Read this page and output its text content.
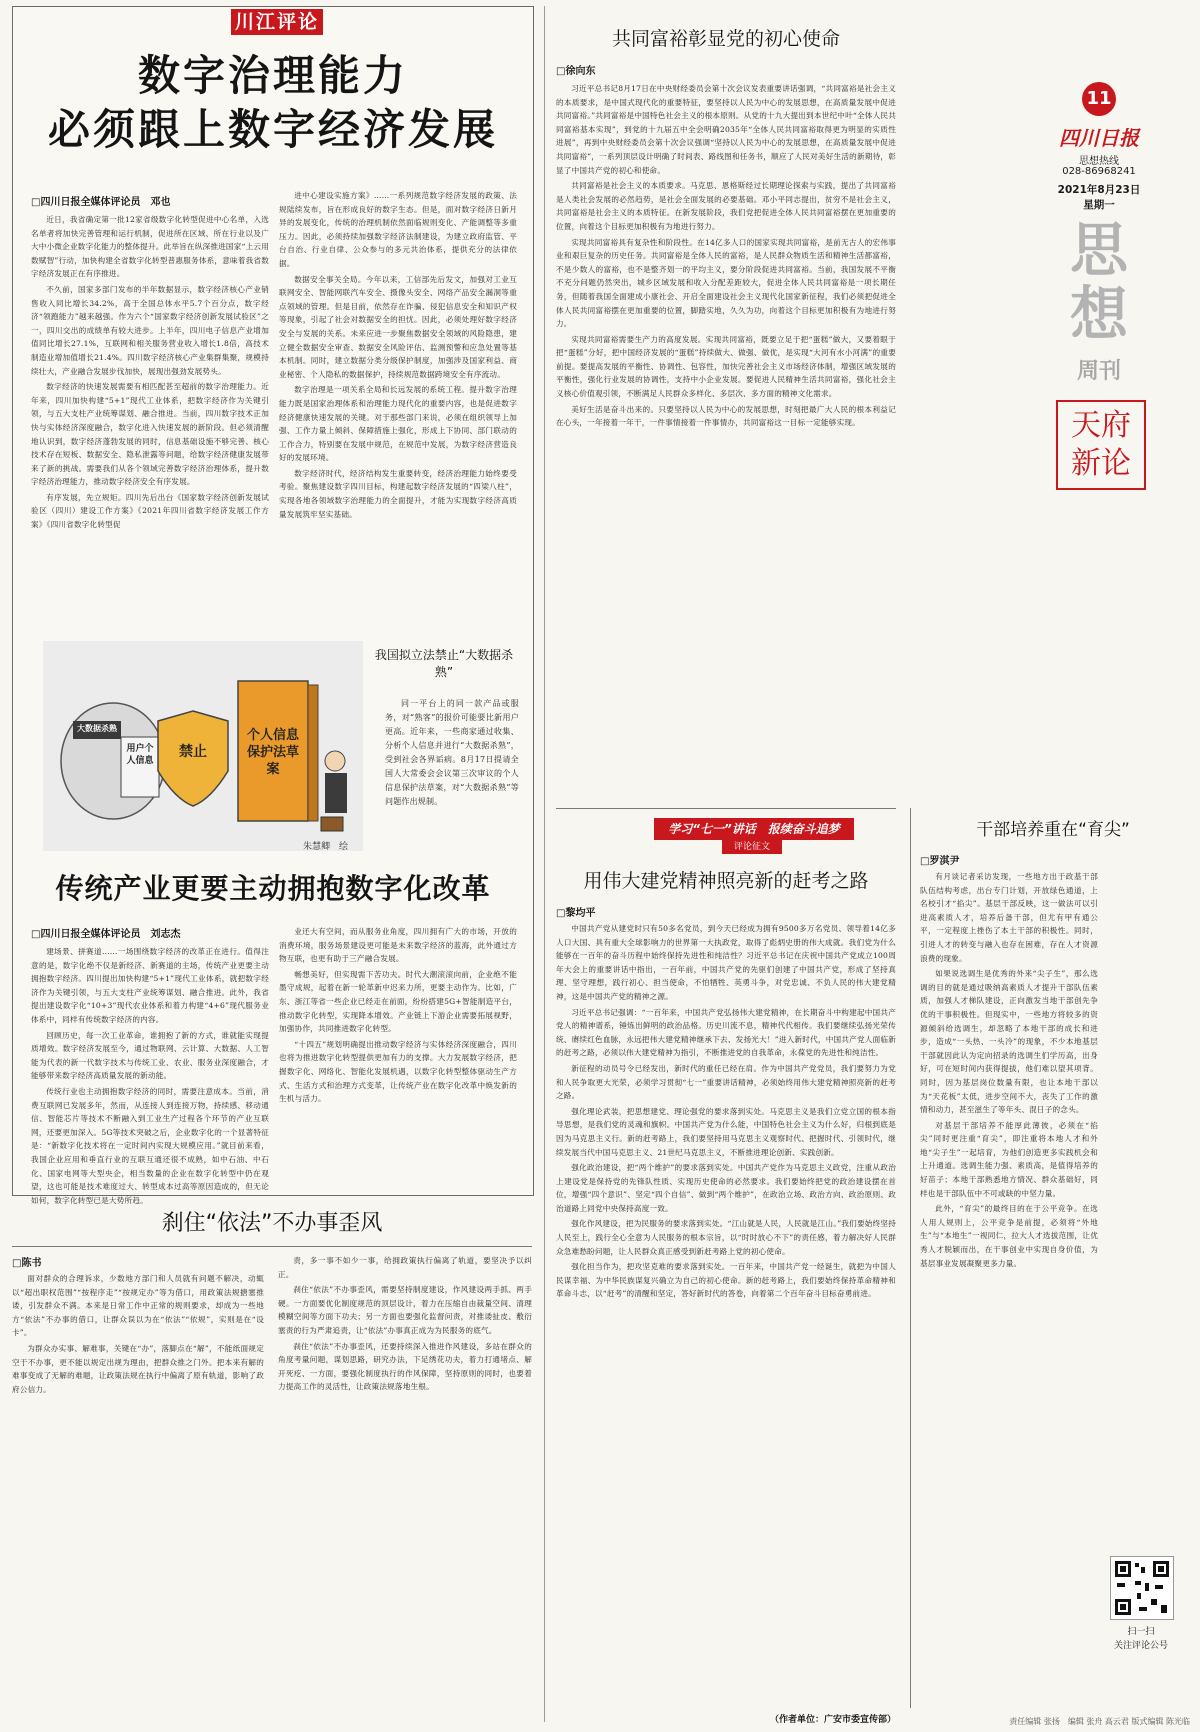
川江评论
数字治理能力
必须跟上数字经济发展
□四川日报全媒体评论员　邓也

近日，我省确定第一批12家省级数字化转型促进中心名单，入选名单者将加快完善管理和运行机制，促进所在区域、所在行业以及广大中小微企业数字化能力的整体提升。此举旨在纵深推进国家“上云用数赋智”行动，加快构建全省数字化转型普惠服务体系，意味着我省数字经济发展正在有序推进。

不久前，国家多部门发布的半年数据显示，数字经济核心产业销售收入同比增长34.2%，高于全国总体水平5.7个百分点，数字经济“领跑能力”越来越强。作为六个“国家数字经济创新发展试验区”之一，四川交出的成绩单有较大进步。上半年，四川电子信息产业增加值同比增长27.1%，互联网和相关服务营业收入增长1.8倍，高技术制造业增加值增长21.4%。四川数字经济核心产业集群集聚，规模持续壮大，产业融合发展步伐加快，展现出强劲发展势头。

数字经济的快速发展需要有相匹配甚至超前的数字治理能力。近年来，四川加快构建“5+1”现代工业体系，把数字经济作为关键引领，与五大支柱产业统筹谋划、融合推进。当前，四川数字技术正加快与实体经济深度融合，数字化进入快速发展的新阶段。但必须清醒地认识到，数字经济蓬勃发展的同时，信息基础设施不够完善、核心技术存在短板、数据安全、隐私泄露等问题，给数字经济健康发展带来了新的挑战。需要我们从各个领域完善数字经济治理体系，提升数字经济治理能力，推动数字经济安全有序发展。

有序发展，先立规矩。四川先后出台《国家数字经济创新发展试验区（四川）建设工作方案》《2021年四川省数字经济发展工作方案》《四川省数字化转型促

进中心建设实施方案》……一系列规范数字经济发展的政策、法规陆续发布，旨在形成良好的数字生态。但是，面对数字经济日新月异的发展变化，传统的治理机制依然面临规则变化、产能调整等多重压力。因此，必须持续加强数字经济法制建设，为建立政府监管、平台自治、行业自律、公众参与的多元共治体系，提供充分的法律依据。

数据安全事关全局。今年以来，工信部先后发文，加强对工业互联网安全、智能网联汽车安全、摄像头安全、网络产品安全漏洞等重点领域的管理。但是目前，依然存在诈骗、侵犯信息安全和知识产权等现象，引起了社会对数据安全的担忧。因此，必须处理好数字经济安全与发展的关系。未来应进一步聚焦数据安全领域的风险隐患，建立健全数据安全审查、数据安全风险评估、监测预警和应急处置等基本机制。同时，建立数据分类分级保护制度，加强涉及国家利益、商业秘密、个人隐私的数据保护，持续规范数据跨境安全有序流动。

数字治理是一项关系全局和长远发展的系统工程。提升数字治理能力既是国家治理体系和治理能力现代化的重要内容，也是促进数字经济健康快速发展的关键。对于那些部门来说，必须在组织领导上加强、工作力量上倾斜、保障措施上强化，形成上下协同、部门联动的工作合力，特别要在发展中规范，在规范中发展，为数字经济营造良好的发展环境。

数字经济时代，经济结构发生重要转变，经济治理能力始终要受考验。聚焦建设数字四川目标，构建起数字经济发展的“四梁八柱”，实现各地各领域数字治理能力的全面提升，才能为实现数字经济高质量发展筑牢坚实基础。

大数据杀熟
用户个人信息
禁止
个人信息保护法草案
我国拟立法禁止“大数据杀熟”
同一平台上的同一款产品或服务，对“熟客”的报价可能要比新用户更高。近年来，一些商家通过收集、分析个人信息并进行“大数据杀熟”，受到社会各界诟病。8月17日提请全国人大常委会会议第三次审议的个人信息保护法草案，对“大数据杀熟”等问题作出规制。
朱慧卿　绘
传统产业更要主动拥抱数字化改革
□四川日报全媒体评论员　刘志杰

建场景、拼赛道……一场围绕数字经济的改革正在进行。值得注意的是，数字化绝不仅是新经济、新赛道的主场，传统产业更要主动拥抱数字经济。四川提出加快构建“5+1”现代工业体系，就把数字经济作为关键引领，与五大支柱产业统筹谋划、融合推进。此外，我省提出建设数字化“10+3”现代农业体系和着力构建“4+6”现代服务业体系中，同样有传统数字经济的内容。

回顾历史，每一次工业革命，谁拥抱了新的方式，谁就能实现提质增效。数字经济发展至今，通过物联网、云计算、大数据、人工智能为代表的新一代数字技术与传统工业、农业、服务业深度融合，才能够带来数字经济高质量发展的新动能。

传统行业也主动拥抱数字经济的同时，需要注意成本。当前，消费互联网已发展多年，然而，从连接人到连接万物，持续感、移动通信、智能芯片等技术不断融入到工业生产过程各个环节的产业互联网，还要更加深入。5G等技术突破之后，企业数字化的一个显著特征是：“新数字化技术将在一定时间内实现大规模应用。”就目前来看，我国企业应用和垂直行业的互联互通还很不成熟，如中石油、中石化、国家电网等大型央企，相当数量的企业在数字化转型中仍在观望，这也可能是技术难度过大、转型成本过高等原因造成的，但无论如何，数字化转型已是大势所趋。

业还大有空间，而从服务业角度，四川拥有广大的市场，开放的消费环境，服务场景建设更可能是未来数字经济的蓝海，此外通过方物互联，也更有助于三产融合发展。

畅想美好，但实现需下苦功夫。时代大潮滚滚向前，企业绝不能墨守成规，起着在新一轮革新中迟来力所，更要主动作为。比如，广东、浙江等省一些企业已经走在前面，纷纷搭建5G+智能制造平台，推动数字化转型，实现降本增效。产业链上下游企业需要拓展视野，加强协作，共同推进数字化转型。

“十四五”规划明确提出推动数字经济与实体经济深度融合，四川也将为推进数字化转型提供更加有力的支撑。大力发展数字经济，把握数字化、网络化、智能化发展机遇，以数字化转型整体驱动生产方式、生活方式和治理方式变革，让传统产业在数字化改革中焕发新的生机与活力。

刹住“依法”不办事歪风
□陈书

面对群众的合理诉求，少数地方部门和人员就有问题不解决，动辄以“超出职权范围”“按程序走”“按规定办”等为借口，用政策法规搪塞推诿，引发群众不满。本来是日常工作中正常的规则要求，却成为一些地方“依法”不办事的借口，让群众误以为在“依法”“依规”，实则是在“设卡”。

为群众办实事、解难事，关键在“办”，落脚点在“解”，不能纸面规定空于不办事，更不能以规定出规为理由，把群众推之门外。把本来有解的难事变成了无解的难题，让政策法规在执行中偏离了原有轨道，影响了政府公信力。

责，多一事不如少一事，给拥政策执行偏离了轨道，要坚决予以纠正。

刹住“依法”不办事歪风，需要坚持制度建设，作风建设两手抓、两手硬。一方面要优化制度规范的顶层设计，着力在压缩自由裁量空间、清理模糊空间等方面下功夫；另一方面也要强化监督问责，对推诿扯皮、敷衍塞责的行为严肃追责，让“依法”办事真正成为为民服务的底气。

刹住“依法”不办事歪风，还要持续深入推进作风建设，多站在群众的角度考量问题，谋划思路，研究办法，下足绣花功夫，着力打通堵点、解开死疙、一方面，要强化制度执行的作风保障，坚持原则的同时，也要着力提高工作的灵活性，让政策法规落地生根。

共同富裕彰显党的初心使命
□徐向东

习近平总书记8月17日在中央财经委员会第十次会议发表重要讲话强调，“共同富裕是社会主义的本质要求，是中国式现代化的重要特征，要坚持以人民为中心的发展思想，在高质量发展中促进共同富裕。”共同富裕是中国特色社会主义的根本原则。从党的十九大提出到本世纪中叶“全体人民共同富裕基本实现”，到党的十九届五中全会明确2035年“全体人民共同富裕取得更为明显的实质性进展”，再到中央财经委员会第十次会议强调“坚持以人民为中心的发展思想，在高质量发展中促进共同富裕”，一系列顶层设计明确了时间表、路线图和任务书，顺应了人民对美好生活的新期待，彰显了中国共产党的初心和使命。

共同富裕是社会主义的本质要求。马克思、恩格斯经过长期理论探索与实践，提出了共同富裕是人类社会发展的必然趋势，是社会全面发展的必要基础。邓小平同志提出，贫穷不是社会主义，共同富裕是社会主义的本质特征。在新发展阶段，我们党把促进全体人民共同富裕摆在更加重要的位置，向着这个目标更加积极有为地进行努力。

实现共同富裕具有复杂性和阶段性。在14亿多人口的国家实现共同富裕，是前无古人的宏伟事业和艰巨复杂的历史任务。共同富裕是全体人民的富裕，是人民群众物质生活和精神生活都富裕，不是少数人的富裕，也不是整齐划一的平均主义，要分阶段促进共同富裕。当前，我国发展不平衡不充分问题仍然突出，城乡区域发展和收入分配差距较大，促进全体人民共同富裕是一项长期任务，但随着我国全面建成小康社会、开启全面建设社会主义现代化国家新征程，我们必须把促进全体人民共同富裕摆在更加重要的位置，脚踏实地，久久为功，向着这个目标更加积极有为地进行努力。

实现共同富裕需要生产力的高度发展。实现共同富裕，既要立足于把“蛋糕”做大，又要着眼于把“蛋糕”分好，把中国经济发展的“蛋糕”持续做大、做强、做优，是实现“大河有水小河满”的重要前提。要提高发展的平衡性、协调性、包容性，加快完善社会主义市场经济体制，增强区域发展的平衡性，强化行业发展的协调性，支持中小企业发展。要促进人民精神生活共同富裕，强化社会主义核心价值观引领，不断满足人民群众多样化、多层次、多方面的精神文化需求。

美好生活是奋斗出来的。只要坚持以人民为中心的发展思想，时刻把最广大人民的根本利益记在心头，一年接着一年干，一件事情接着一件事情办，共同富裕这一目标一定能够实现。

11
四川日报
思想热线
028-86968241
2021年8月23日
星期一
思想
周刊
天府新论
学习“七一”讲话　报续奋斗追梦
评论征文
用伟大建党精神照亮新的赶考之路
□黎均平

中国共产党从建党时只有50多名党员，到今天已经成为拥有9500多万名党员、领导着14亿多人口大国、具有重大全球影响力的世界第一大执政党，取得了彪炳史册的伟大成就。我们党为什么能够在一百年的奋斗历程中始终保持先进性和纯洁性？习近平总书记在庆祝中国共产党成立100周年大会上的重要讲话中指出，一百年前，中国共产党的先驱们创建了中国共产党，形成了坚持真理、坚守理想，践行初心、担当使命，不怕牺牲、英勇斗争，对党忠诚、不负人民的伟大建党精神，这是中国共产党的精神之源。

习近平总书记强调：“一百年来，中国共产党弘扬伟大建党精神，在长期奋斗中构建起中国共产党人的精神谱系，锤炼出鲜明的政治品格。历史川流不息，精神代代相传。我们要继续弘扬光荣传统、赓续红色血脉，永远把伟大建党精神继承下去、发扬光大！”进入新时代，中国共产党人面临新的赶考之路，必须以伟大建党精神为指引，不断推进党的自我革命，永葆党的先进性和纯洁性。

新征程的动员号令已经发出，新时代的重任已经在肩。作为中国共产党党员，我们要努力为党和人民争取更大光荣，必须学习贯彻“七一”重要讲话精神，必须始终用伟大建党精神照亮新的赶考之路。

强化理论武装，把思想建党、理论强党的要求落到实处。马克思主义是我们立党立国的根本指导思想，是我们党的灵魂和旗帜。中国共产党为什么能，中国特色社会主义为什么好，归根到底是因为马克思主义行。新的赶考路上，我们要坚持用马克思主义观察时代、把握时代、引领时代，继续发展当代中国马克思主义、21世纪马克思主义，不断推进理论创新、实践创新。

强化政治建设，把“两个维护”的要求落到实处。中国共产党作为马克思主义政党，注重从政治上建设党是保持党的先锋队性质、实现历史使命的必然要求。我们要始终把党的政治建设摆在首位，增强“四个意识”、坚定“四个自信”、做到“两个维护”，在政治立场、政治方向、政治原则、政治道路上同党中央保持高度一致。

强化作风建设，把为民服务的要求落到实处。“江山就是人民，人民就是江山。”我们要始终坚持人民至上，践行全心全意为人民服务的根本宗旨，以“时时放心不下”的责任感，着力解决好人民群众急难愁盼问题，让人民群众真正感受到新赶考路上党的初心使命。

强化担当作为，把攻坚克难的要求落到实处。一百年来，中国共产党一经诞生，就把为中国人民谋幸福、为中华民族谋复兴确立为自己的初心使命。新的赶考路上，我们要始终保持革命精神和革命斗志，以“赶考”的清醒和坚定，答好新时代的答卷，向着第二个百年奋斗目标奋勇前进。

（作者单位：广安市委宣传部）
干部培养重在“育尖”
□罗淇尹

有月谈记者采访发现，一些地方出于政基干部队伍结构考虑，出台专门计划，开放绿色通道，上名校引才“掐尖”。基层干部反映，这一做法可以引进高素质人才，培养后备干部，但尤有甲有通公平，一定程度上挫伤了本土干部的积极性。同时，引进人才的转变与融入也存在困难，存在人才资源浪费的现象。

如果说选调生是优秀的外来“尖子生”，那么选调的目的就是通过吸纳高素质人才提升干部队伍素质，加强人才梯队建设，正向激发当地干部创先争优的干事积极性。但现实中，一些地方将较多的资源倾斜给选调生，却忽略了本地干部的成长和进步，造成“一头热、一头冷”的现象，不少本地基层干部就因此认为定向招录的选调生们学历高，出身好，可在短时间内获得提拔，他们难以望其项背。同时，因为基层岗位数量有限，也让本地干部以为“天花板”太低，进步空间不大，丧失了工作的激情和动力，甚至滋生了等年头、混日子的念头。

对基层干部培养不能厚此薄彼，必须在“掐尖”同时更注重“育尖”，即注重将本地人才和外地“尖子生”一起培育，为他们创造更多实践机会和上升通道。选调生能力强、素质高，是值得培养的好苗子；本地干部熟悉地方情况、群众基础好，同样也是干部队伍中不可或缺的中坚力量。

此外，“育尖”的最终目的在于公平竞争。在选人用人规则上，公平竞争是前提，必须将“外地生”与“本地生”一视同仁，拉大人才选拔范围，让优秀人才脱颖而出，在干事创业中实现自身价值，为基层事业发展凝聚更多力量。

扫一扫
关注评论公号
责任编辑 张扬　编辑 张舟 高云君 版式编辑 陈光临
